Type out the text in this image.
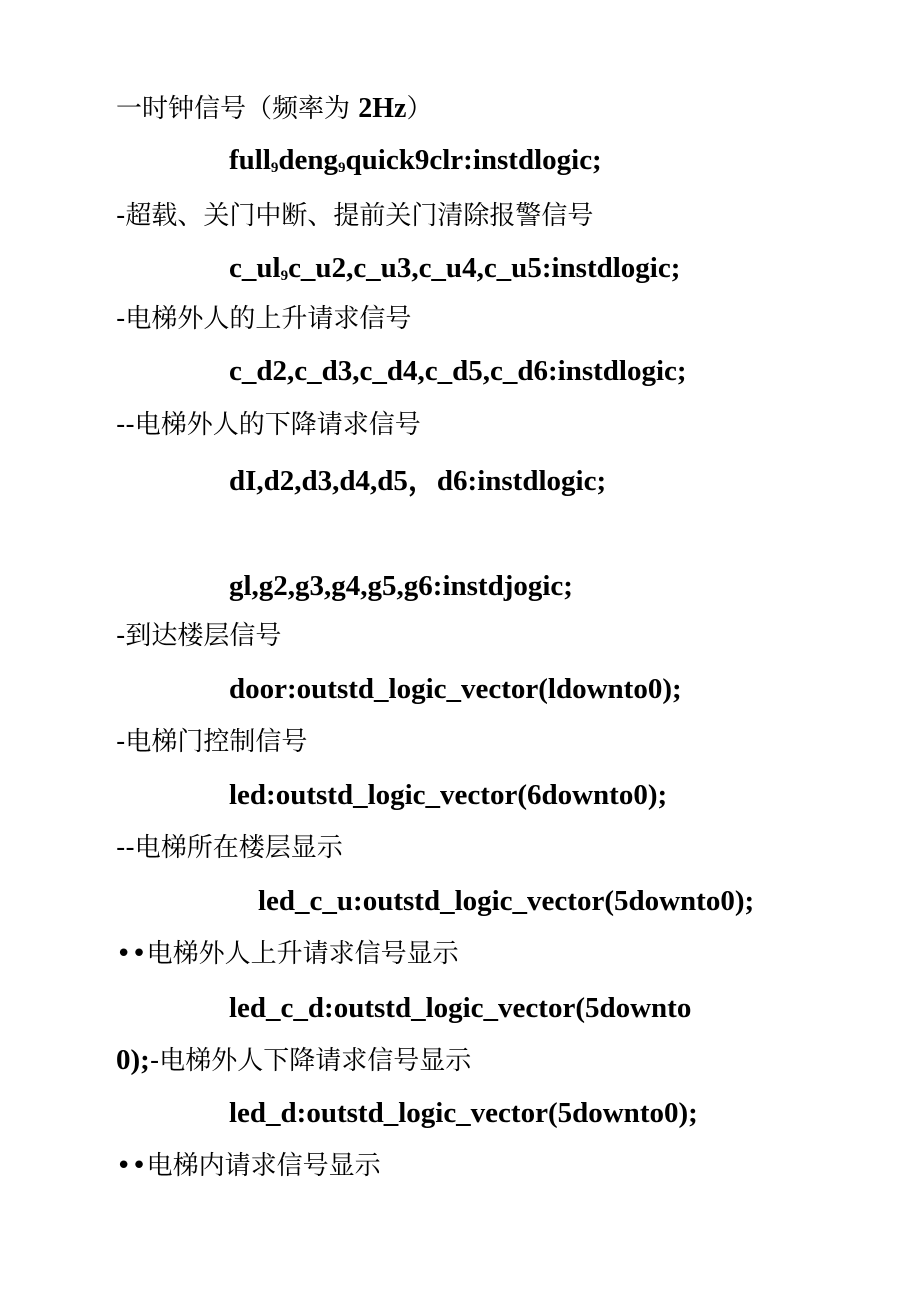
一时钟信号（频率为 2Hz）
full$_9$deng$_9$quick9clr:instdlogic;
-超载、关门中断、提前关门清除报警信号
$c\_ul_9c\_u2,c\_u3,c\_u4,c\_u5:instdlogic$;
-电梯外人的上升请求信号
c_d2,c_d3,c_d4,c_d5,c_d6:instdlogic;
--电梯外人的下降请求信号
dI,d2,d3,d4,d5，d6:instdlogic;
gl,g2,g3,g4,g5,g6:instdjogic;
-到达楼层信号
door:outstd_logic_vector(ldownto0);
-电梯门控制信号
led:outstd_logic_vector(6downto0);
--电梯所在楼层显示
led_c_u:outstd_logic_vector(5downto0);
••电梯外人上升请求信号显示
led_c_d:outstd_logic_vector(5downto
0);-电梯外人下降请求信号显示
led_d:outstd_logic_vector(5downto0);
••电梯内请求信号显示
